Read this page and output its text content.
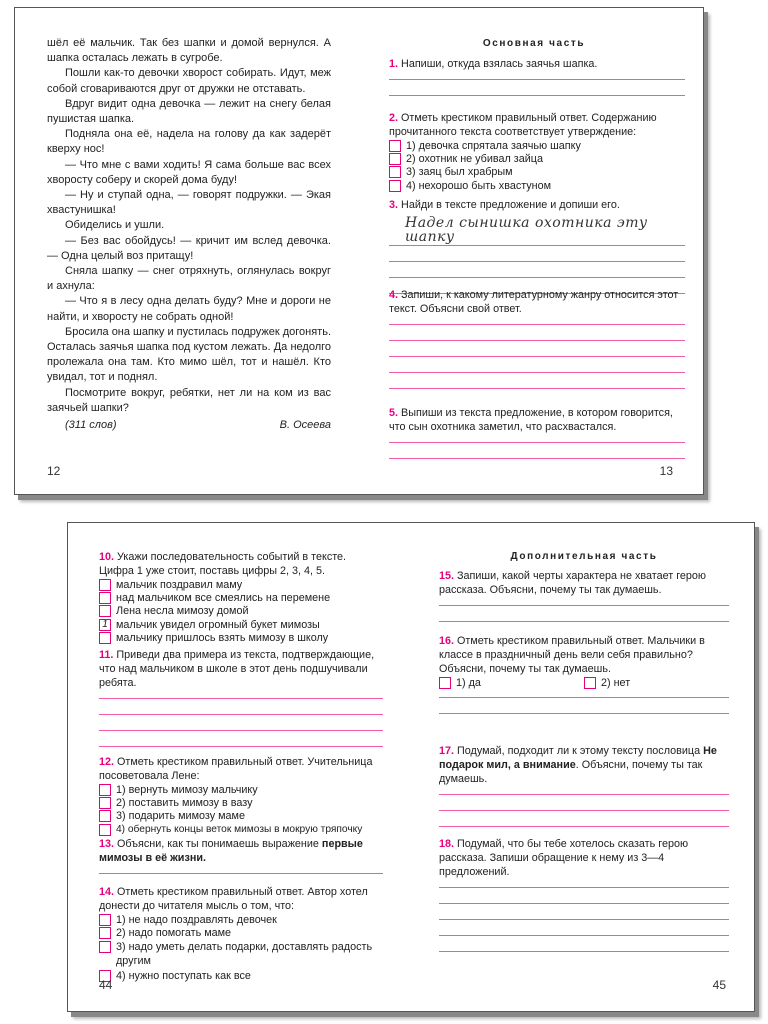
шёл её мальчик. Так без шапки и домой вернулся. А шапка осталась лежать в сугробе.

Пошли как-то девочки хворост собирать. Идут, меж собой сговариваются друг от дружки не отставать.

Вдруг видит одна девочка — лежит на снегу белая пушистая шапка.

Подняла она её, надела на голову да как задерёт кверху нос!

— Что мне с вами ходить! Я сама больше вас всех хворосту соберу и скорей дома буду!

— Ну и ступай одна, — говорят подружки. — Экая хвастунишка!

Обиделись и ушли.

— Без вас обойдусь! — кричит им вслед девочка. — Одна целый воз притащу!

Сняла шапку — снег отряхнуть, оглянулась вокруг и ахнула:

— Что я в лесу одна делать буду? Мне и дороги не найти, и хворосту не собрать одной!

Бросила она шапку и пустилась подружек догонять. Осталась заячья шапка под кустом лежать. Да недолго пролежала она там. Кто мимо шёл, тот и нашёл. Кто увидал, тот и поднял.

Посмотрите вокруг, ребятки, нет ли на ком из вас заячьей шапки?

(311 слов)	В. Осеева
12
Основная часть

1. Напиши, откуда взялась заячья шапка.

2. Отметь крестиком правильный ответ. Содержанию прочитанного текста соответствует утверждение:

1) девочка спрятала заячью шапку
2) охотник не убивал зайца
3) заяц был храбрым
4) нехорошо быть хвастуном

3. Найди в тексте предложение и допиши его.

Надел сынишка охотника эту шапку

4. Запиши, к какому литературному жанру относится этот текст. Объясни свой ответ.

5. Выпиши из текста предложение, в котором говорится, что сын охотника заметил, что расхвастался.

13

10. Укажи последовательность событий в тексте. Цифра 1 уже стоит, поставь цифры 2, 3, 4, 5.

мальчик поздравил маму
над мальчиком все смеялись на перемене
Лена несла мимозу домой
1 мальчик увидел огромный букет мимозы
мальчику пришлось взять мимозу в школу

11. Приведи два примера из текста, подтверждающие, что над мальчиком в школе в этот день подшучивали ребята.

12. Отметь крестиком правильный ответ. Учительница посоветовала Лене:

1) вернуть мимозу мальчику
2) поставить мимозу в вазу
3) подарить мимозу маме
4) обернуть концы веток мимозы в мокрую тряпочку

13. Объясни, как ты понимаешь выражение первые мимозы в её жизни.

14. Отметь крестиком правильный ответ. Автор хотел донести до читателя мысль о том, что:

1) не надо поздравлять девочек
2) надо помогать маме
3) надо уметь делать подарки, доставлять радость другим
4) нужно поступать как все
44
Дополнительная часть

15. Запиши, какой черты характера не хватает герою рассказа. Объясни, почему ты так думаешь.

16. Отметь крестиком правильный ответ. Мальчики в классе в праздничный день вели себя правильно? Объясни, почему ты так думаешь.

1) да	2) нет

17. Подумай, подходит ли к этому тексту пословица Не подарок мил, а внимание. Объясни, почему ты так думаешь.

18. Подумай, что бы тебе хотелось сказать герою рассказа. Запиши обращение к нему из 3—4 предложений.

45
